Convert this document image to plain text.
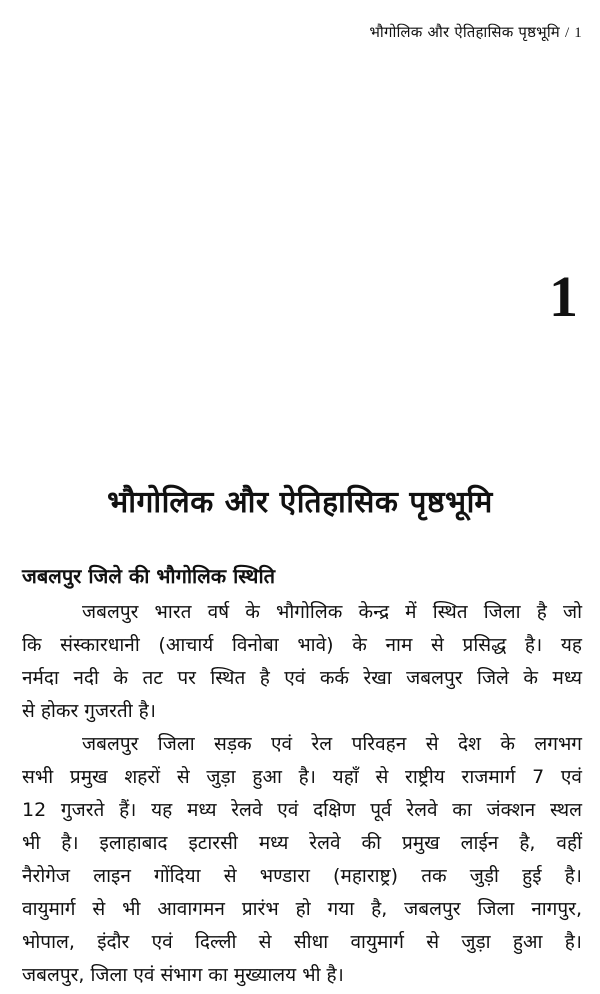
भौगोलिक और ऐतिहासिक पृष्ठभूमि / 1
1
भौगोलिक और ऐतिहासिक पृष्ठभूमि
जबलपुर जिले की भौगोलिक स्थिति
जबलपुर भारत वर्ष के भौगोलिक केन्द्र में स्थित जिला है जो
कि संस्कारधानी (आचार्य विनोबा भावे) के नाम से प्रसिद्ध है। यह
नर्मदा नदी के तट पर स्थित है एवं कर्क रेखा जबलपुर जिले के मध्य
से होकर गुजरती है।
जबलपुर जिला सड़क एवं रेल परिवहन से देश के लगभग
सभी प्रमुख शहरों से जुड़ा हुआ है। यहाँ से राष्ट्रीय राजमार्ग 7 एवं
12 गुजरते हैं। यह मध्य रेलवे एवं दक्षिण पूर्व रेलवे का जंक्शन स्थल
भी है। इलाहाबाद इटारसी मध्य रेलवे की प्रमुख लाईन है, वहीं
नैरोगेज लाइन गोंदिया से भण्डारा (महाराष्ट्र) तक जुड़ी हुई है।
वायुमार्ग से भी आवागमन प्रारंभ हो गया है, जबलपुर जिला नागपुर,
भोपाल, इंदौर एवं दिल्ली से सीधा वायुमार्ग से जुड़ा हुआ है।
जबलपुर, जिला एवं संभाग का मुख्यालय भी है।
